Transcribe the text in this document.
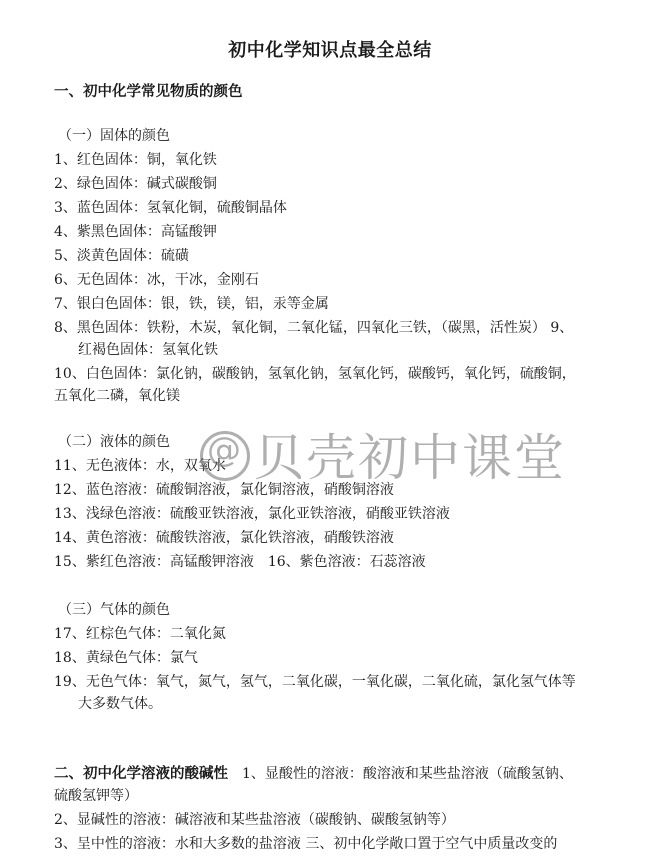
初中化学知识点最全总结
一、初中化学常见物质的颜色
（一）固体的颜色
1、红色固体：铜，氧化铁
2、绿色固体：碱式碳酸铜
3、蓝色固体：氢氧化铜，硫酸铜晶体
4、紫黑色固体：高锰酸钾
5、淡黄色固体：硫磺
6、无色固体：冰，干冰，金刚石
7、银白色固体：银，铁，镁，铝，汞等金属
8、黑色固体：铁粉，木炭，氧化铜，二氧化锰，四氧化三铁，（碳黑，活性炭） 9、
红褐色固体：氢氧化铁
10、白色固体：氯化钠，碳酸钠，氢氧化钠，氢氧化钙，碳酸钙，氧化钙，硫酸铜，
五氧化二磷，氧化镁
（二）液体的颜色
11、无色液体：水，双氧水
12、蓝色溶液：硫酸铜溶液，氯化铜溶液，硝酸铜溶液
13、浅绿色溶液：硫酸亚铁溶液，氯化亚铁溶液，硝酸亚铁溶液
14、黄色溶液：硫酸铁溶液，氯化铁溶液，硝酸铁溶液
15、紫红色溶液：高锰酸钾溶液　16、紫色溶液：石蕊溶液
（三）气体的颜色
17、红棕色气体：二氧化氮
18、黄绿色气体：氯气
19、无色气体：氧气，氮气，氢气，二氧化碳，一氧化碳，二氧化硫，氯化氢气体等
大多数气体。
二、初中化学溶液的酸碱性　1、显酸性的溶液：酸溶液和某些盐溶液（硫酸氢钠、
硫酸氢钾等）
2、显碱性的溶液：碱溶液和某些盐溶液（碳酸钠、碳酸氢钠等）
3、呈中性的溶液：水和大多数的盐溶液 三、初中化学敞口置于空气中质量改变的
@ 贝壳初中课堂
